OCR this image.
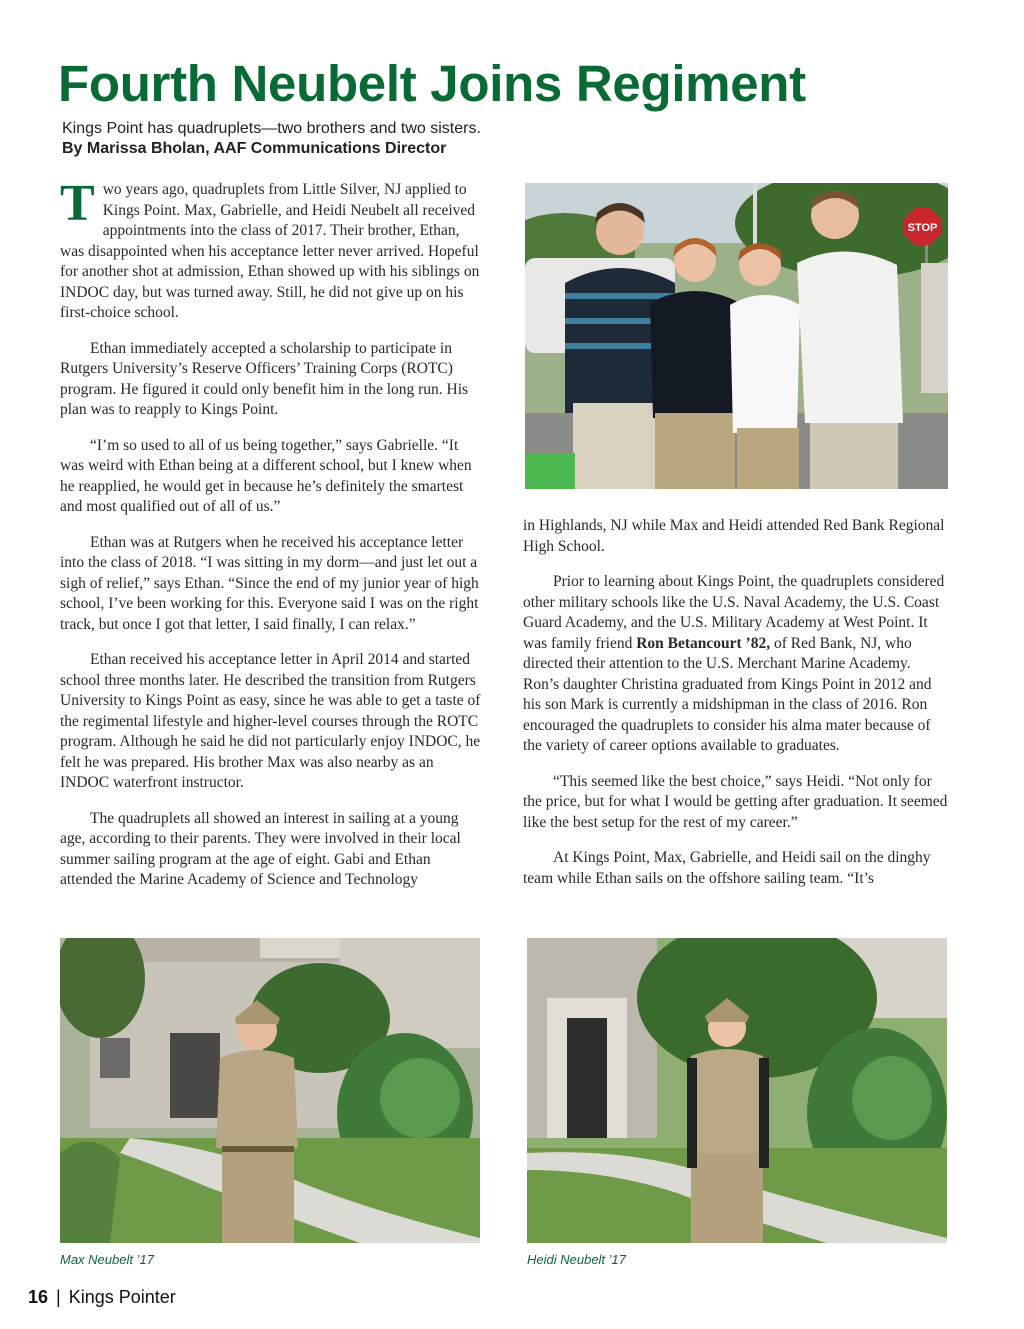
Fourth Neubelt Joins Regiment
Kings Point has quadruplets—two brothers and two sisters.
By Marissa Bholan, AAF Communications Director

Two years ago, quadruplets from Little Silver, NJ applied to Kings Point. Max, Gabrielle, and Heidi Neubelt all received appointments into the class of 2017. Their brother, Ethan, was disappointed when his acceptance letter never arrived. Hopeful for another shot at admission, Ethan showed up with his siblings on INDOC day, but was turned away. Still, he did not give up on his first-choice school.

Ethan immediately accepted a scholarship to participate in Rutgers University’s Reserve Officers’ Training Corps (ROTC) program. He figured it could only benefit him in the long run. His plan was to reapply to Kings Point.

“I’m so used to all of us being together,” says Gabrielle. “It was weird with Ethan being at a different school, but I knew when he reapplied, he would get in because he’s definitely the smartest and most qualified out of all of us.”

Ethan was at Rutgers when he received his acceptance letter into the class of 2018. “I was sitting in my dorm—and just let out a sigh of relief,” says Ethan. “Since the end of my junior year of high school, I’ve been working for this. Everyone said I was on the right track, but once I got that letter, I said finally, I can relax.”

Ethan received his acceptance letter in April 2014 and started school three months later. He described the transition from Rutgers University to Kings Point as easy, since he was able to get a taste of the regimental lifestyle and higher-level courses through the ROTC program. Although he said he did not particularly enjoy INDOC, he felt he was prepared. His brother Max was also nearby as an INDOC waterfront instructor.

The quadruplets all showed an interest in sailing at a young age, according to their parents. They were involved in their local summer sailing program at the age of eight. Gabi and Ethan attended the Marine Academy of Science and Technology

in Highlands, NJ while Max and Heidi attended Red Bank Regional High School.

Prior to learning about Kings Point, the quadruplets considered other military schools like the U.S. Naval Academy, the U.S. Coast Guard Academy, and the U.S. Military Academy at West Point. It was family friend Ron Betancourt ’82, of Red Bank, NJ, who directed their attention to the U.S. Merchant Marine Academy. Ron’s daughter Christina graduated from Kings Point in 2012 and his son Mark is currently a midshipman in the class of 2016. Ron encouraged the quadruplets to consider his alma mater because of the variety of career options available to graduates.

“This seemed like the best choice,” says Heidi. “Not only for the price, but for what I would be getting after graduation. It seemed like the best setup for the rest of my career.”

At Kings Point, Max, Gabrielle, and Heidi sail on the dinghy team while Ethan sails on the offshore sailing team. “It’s

STOP
Max Neubelt ’17	Heidi Neubelt ’17
16 | Kings Pointer
